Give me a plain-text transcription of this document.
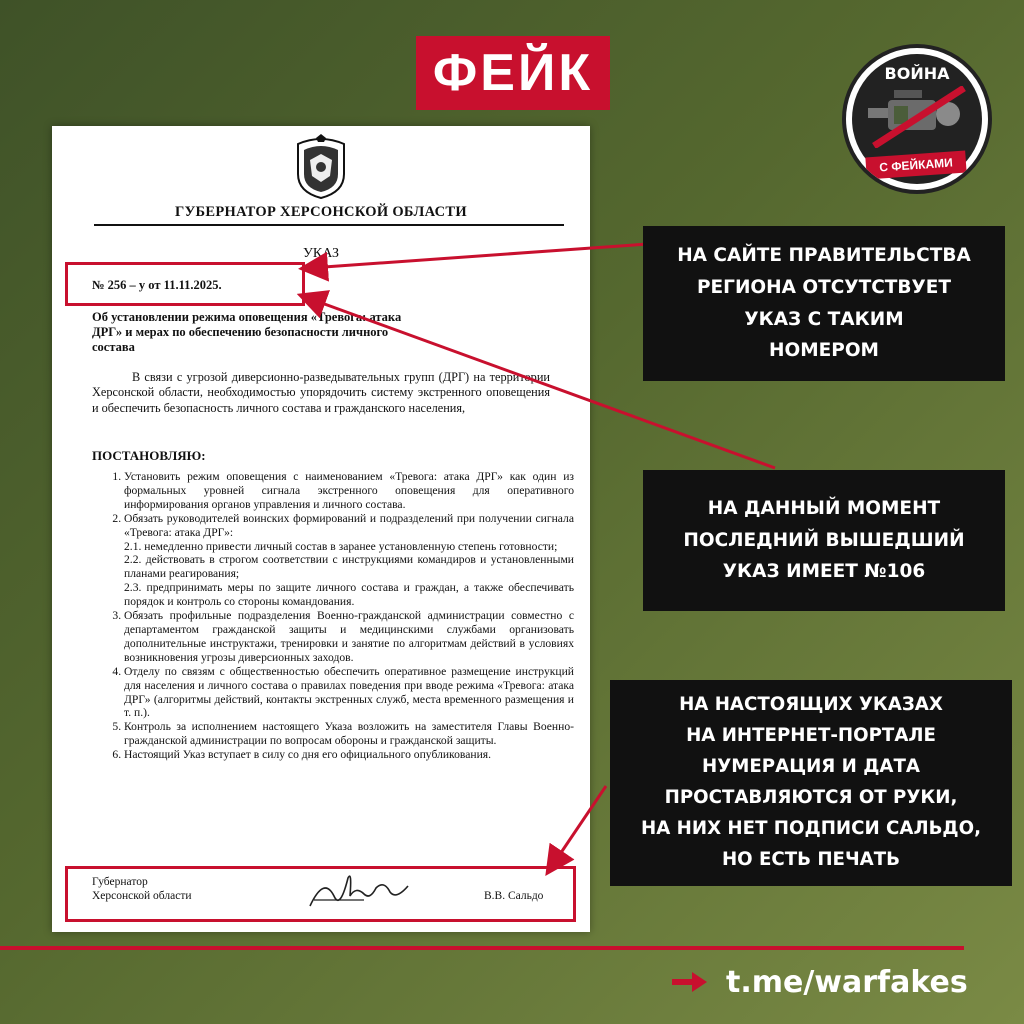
ФЕЙК	ВОЙНА
С ФЕЙКАМИ
ГУБЕРНАТОР ХЕРСОНСКОЙ ОБЛАСТИ
УКАЗ
№ 256 – у от 11.11.2025.
Об установлении режима оповещения «Тревога: атака ДРГ» и мерах по обеспечению безопасности личного состава
В связи с угрозой диверсионно-разведывательных групп (ДРГ) на территории Херсонской области, необходимостью упорядочить систему экстренного оповещения и обеспечить безопасность личного состава и гражданского населения,
ПОСТАНОВЛЯЮ:
1. Установить режим оповещения с наименованием «Тревога: атака ДРГ» как один из формальных уровней сигнала экстренного оповещения для оперативного информирования органов управления и личного состава.
2. Обязать руководителей воинских формирований и подразделений при получении сигнала «Тревога: атака ДРГ»:

2.1. немедленно привести личный состав в заранее установленную степень готовности;

2.2. действовать в строгом соответствии с инструкциями командиров и установленными планами реагирования;

2.3. предпринимать меры по защите личного состава и граждан, а также обеспечивать порядок и контроль со стороны командования.

3. Обязать профильные подразделения Военно-гражданской администрации совместно с департаментом гражданской защиты и медицинскими службами организовать дополнительные инструктажи, тренировки и занятие по алгоритмам действий в условиях возникновения угрозы диверсионных заходов.
4. Отделу по связям с общественностью обеспечить оперативное размещение инструкций для населения и личного состава о правилах поведения при вводе режима «Тревога: атака ДРГ» (алгоритмы действий, контакты экстренных служб, места временного размещения и т. п.).
5. Контроль за исполнением настоящего Указа возложить на заместителя Главы Военно-гражданской администрации по вопросам обороны и гражданской защиты.
6. Настоящий Указ вступает в силу со дня его официального опубликования.
Губернатор
Херсонской области	В.В. Сальдо
НА САЙТЕ ПРАВИТЕЛЬСТВА
РЕГИОНА ОТСУТСТВУЕТ
УКАЗ С ТАКИМ
НОМЕРОМ
НА ДАННЫЙ МОМЕНТ
ПОСЛЕДНИЙ ВЫШЕДШИЙ
УКАЗ ИМЕЕТ №106
НА НАСТОЯЩИХ УКАЗАХ
НА ИНТЕРНЕТ-ПОРТАЛЕ
НУМЕРАЦИЯ И ДАТА
ПРОСТАВЛЯЮТСЯ ОТ РУКИ,
НА НИХ НЕТ ПОДПИСИ САЛЬДО,
НО ЕСТЬ ПЕЧАТЬ
t.me/warfakes
